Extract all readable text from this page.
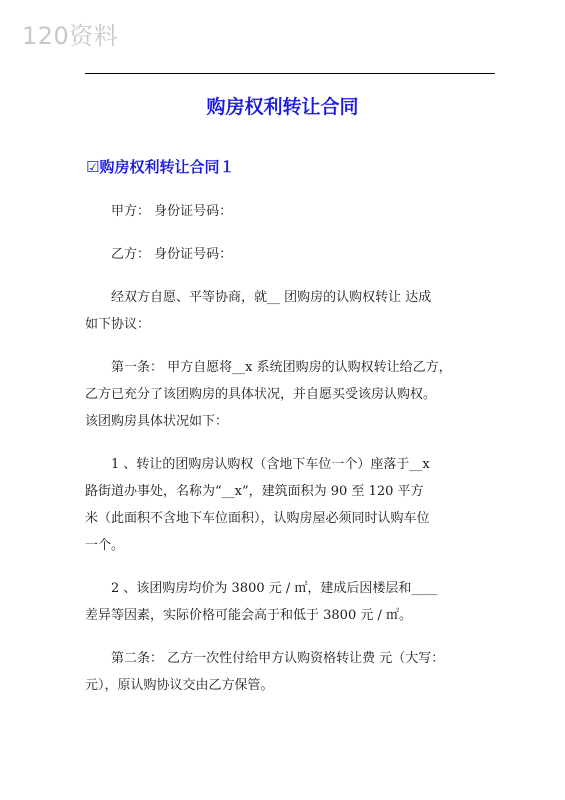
120资料
购房权利转让合同
☑购房权利转让合同１

甲方： 身份证号码：

乙方： 身份证号码：

经双方自愿、平等协商，就__ 团购房的认购权转让 达成
如下协议：

第一条： 甲方自愿将__x 系统团购房的认购权转让给乙方，
乙方已充分了该团购房的具体状况，并自愿买受该房认购权。
该团购房具体状况如下：

1 、转让的团购房认购权（含地下车位一个）座落于__x
路街道办事处，名称为“__x”，建筑面积为 90 至 120 平方
米（此面积不含地下车位面积），认购房屋必须同时认购车位
一个。

2 、该团购房均价为 3800 元 / ㎡，建成后因楼层和____
差异等因素，实际价格可能会高于和低于 3800 元 / ㎡。

第二条： 乙方一次性付给甲方认购资格转让费 元（大写：
元），原认购协议交由乙方保管。
